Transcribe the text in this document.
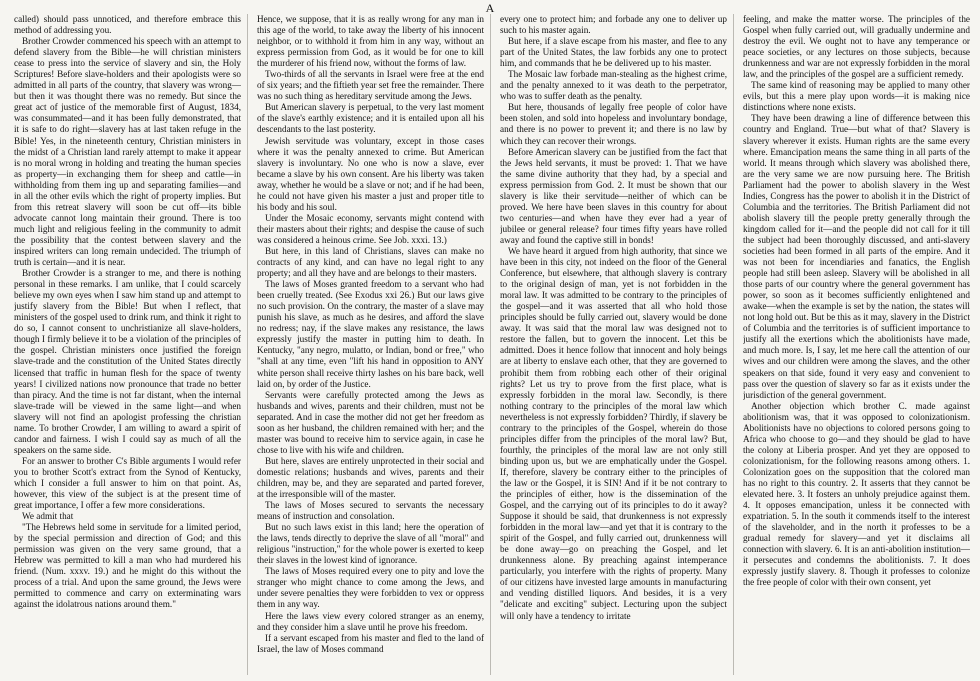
A

called) should pass unnoticed, and therefore embrace this method of addressing you.

Brother Crowder commenced his speech with an attempt to defend slavery from the Bible—he will christian ministers cease to press into the service of slavery and sin, the Holy Scriptures! Before slave-holders and their apologists were so admitted in all parts of the country, that slavery was wrong—but then it was thought there was no remedy. But since the great act of justice of the memorable first of August, 1834, was consummated—and it has been fully demonstrated, that it is safe to do right—slavery has at last taken refuge in the Bible! Yes, in the nineteenth century, Christian ministers in the midst of a Christian land rarely attempt to make it appear is no moral wrong in holding and treating the human species as property—in exchanging them for sheep and cattle—in withholding from them ing up and separating families—and in all the other evils which the right of property implies. But from this retreat slavery will soon be cut off—its bible advocate cannot long maintain their ground. There is too much light and religious feeling in the community to admit the possibility that the contest between slavery and the inspired writers can long remain undecided. The triumph of truth is certain—and it is near.

Brother Crowder is a stranger to me, and there is nothing personal in these remarks. I am unlike, that I could scarcely believe my own eyes when I saw him stand up and attempt to justify slavery from the Bible! But when I reflect, that ministers of the gospel used to drink rum, and think it right to do so, I cannot consent to unchristianize all slave-holders, though I firmly believe it to be a violation of the principles of the gospel. Christian ministers once justified the foreign slave-trade and the constitution of the United States directly licensed that traffic in human flesh for the space of twenty years! I civilized nations now pronounce that trade no better than piracy. And the time is not far distant, when the internal slave-trade will be viewed in the same light—and when slavery will not find an apologist professing the christian name. To brother Crowder, I am willing to award a spirit of candor and fairness. I wish I could say as much of all the speakers on the same side.

For an answer to brother C's Bible arguments I would refer you to brother Scott's extract from the Synod of Kentucky, which I consider a full answer to him on that point. As, however, this view of the subject is at the present time of great importance, I offer a few more considerations.

We admit that

"The Hebrews held some in servitude for a limited period, by the special permission and direction of God; and this permission was given on the very same ground, that a Hebrew was permitted to kill a man who had murdered his friend. (Num. xxxv. 19.) and he might do this without the process of a trial. And upon the same ground, the Jews were permitted to commence and carry on exterminating wars against the idolatrous nations around them."

Hence, we suppose, that it is as really wrong for any man in this age of the world, to take away the liberty of his innocent neighbor, or to withhold it from him in any way, without an express permission from God, as it would be for one to kill the murderer of his friend now, without the forms of law.

Two-thirds of all the servants in Israel were free at the end of six years; and the fiftieth year set free the remainder. There was no such thing as hereditary servitude among the Jews.

But American slavery is perpetual, to the very last moment of the slave's earthly existence; and it is entailed upon all his descendants to the last posterity.

Jewish servitude was voluntary, except in those cases where it was the penalty annexed to crime. But American slavery is involuntary. No one who is now a slave, ever became a slave by his own consent. Are his liberty was taken away, whether he would be a slave or not; and if he had been, he could not have given his master a just and proper title to his body and his soul.

Under the Mosaic economy, servants might contend with their masters about their rights; and despise the cause of such was considered a heinous crime. See Job. xxxi. 13.)

But here, in this land of Christians, slaves can make no contracts of any kind, and can have no legal right to any property; and all they have and are belongs to their masters.

The laws of Moses granted freedom to a servant who had been cruelly treated. (See Exodus xxi 26.) But our laws give no such provision. On the contrary, the master of a slave may punish his slave, as much as he desires, and afford the slave no redress; nay, if the slave makes any resistance, the laws expressly justify the master in putting him to death. In Kentucky, "any negro, mulatto, or Indian, bond or free," who "shall at any time, even "lift his hand in opposition to ANY white person shall receive thirty lashes on his bare back, well laid on, by order of the Justice.

Servants were carefully protected among the Jews as husbands and wives, parents and their children, must not be separated. And in case the mother did not get her freedom as soon as her husband, the children remained with her; and the master was bound to receive him to service again, in case he chose to live with his wife and children.

But here, slaves are entirely unprotected in their social and domestic relations; husbands and wives, parents and their children, may be, and they are separated and parted forever, at the irresponsible will of the master.

The laws of Moses secured to servants the necessary means of instruction and consolation.

But no such laws exist in this land; here the operation of the laws, tends directly to deprive the slave of all "moral" and religious "instruction," for the whole power is exerted to keep their slaves in the lowest kind of ignorance.

The laws of Moses required every one to pity and love the stranger who might chance to come among the Jews, and under severe penalties they were forbidden to vex or oppress them in any way.

Here the laws view every colored stranger as an enemy, and they consider him a slave until he prove his freedom.

If a servant escaped from his master and fled to the land of Israel, the law of Moses command

every one to protect him; and forbade any one to deliver up such to his master again.

But here, if a slave escape from his master, and flee to any part of the United States, the law forbids any one to protect him, and commands that he be delivered up to his master.

The Mosaic law forbade man-stealing as the highest crime, and the penalty annexed to it was death to the perpetrator, who was to suffer death as the penalty.

But here, thousands of legally free people of color have been stolen, and sold into hopeless and involuntary bondage, and there is no power to prevent it; and there is no law by which they can recover their wrongs.

Before American slavery can be justified from the fact that the Jews held servants, it must be proved: 1. That we have the same divine authority that they had, by a special and express permission from God. 2. It must be shown that our slavery is like their servitude—neither of which can be proved. We here have been slaves in this country for about two centuries—and when have they ever had a year of jubilee or general release? four times fifty years have rolled away and found the captive still in bonds!

We have heard it argued from high authority, that since we have been in this city, not indeed on the floor of the General Conference, but elsewhere, that although slavery is contrary to the original design of man, yet is not forbidden in the moral law. It was admitted to be contrary to the principles of the gospel—and it was asserted that all who hold those principles should be fully carried out, slavery would be done away. It was said that the moral law was designed not to restore the fallen, but to govern the innocent. Let this be admitted. Does it hence follow that innocent and holy beings are at liberty to enslave each other, that they are governed to prohibit them from robbing each other of their original rights? Let us try to prove from the first place, what is expressly forbidden in the moral law. Secondly, is there nothing contrary to the principles of the moral law which nevertheless is not expressly forbidden? Thirdly, if slavery be contrary to the principles of the Gospel, wherein do those principles differ from the principles of the moral law? But, fourthly, the principles of the moral law are not only still binding upon us, but we are emphatically under the Gospel. If, therefore, slavery be contrary either to the principles of the law or the Gospel, it is SIN! And if it be not contrary to the principles of either, how is the dissemination of the Gospel, and the carrying out of its principles to do it away? Suppose it should be said, that drunkenness is not expressly forbidden in the moral law—and yet that it is contrary to the spirit of the Gospel, and fully carried out, drunkenness will be done away—go on preaching the Gospel, and let drunkenness alone. By preaching against intemperance particularly, you interfere with the rights of property. Many of our citizens have invested large amounts in manufacturing and vending distilled liquors. And besides, it is a very "delicate and exciting" subject. Lecturing upon the subject will only have a tendency to irritate

feeling, and make the matter worse. The principles of the Gospel when fully carried out, will gradually undermine and destroy the evil. We ought not to have any temperance or peace societies, or any lectures on those subjects, because drunkenness and war are not expressly forbidden in the moral law, and the principles of the gospel are a sufficient remedy.

The same kind of reasoning may be applied to many other evils, but this a mere play upon words—it is making nice distinctions where none exists.

They have been drawing a line of difference between this country and England. True—but what of that? Slavery is slavery wherever it exists. Human rights are the same every where. Emancipation means the same thing in all parts of the world. It means through which slavery was abolished there, are the very same we are now pursuing here. The British Parliament had the power to abolish slavery in the West Indies, Congress has the power to abolish it in the District of Columbia and the territories. The British Parliament did not abolish slavery till the people pretty generally through the kingdom called for it—and the people did not call for it till the subject had been thoroughly discussed, and anti-slavery societies had been formed in all parts of the empire. And it was not been for incendiaries and fanatics, the English people had still been asleep. Slavery will be abolished in all those parts of our country where the general government has power, so soon as it becomes sufficiently enlightened and awake—when the example is set by the nation, the states will not long hold out. But be this as it may, slavery in the District of Columbia and the territories is of sufficient importance to justify all the exertions which the abolitionists have made, and much more. Is, I say, let me here call the attention of our wives and our children were among the slaves, and the other speakers on that side, found it very easy and convenient to pass over the question of slavery so far as it exists under the jurisdiction of the general government.

Another objection which brother C. made against abolitionism was, that it was opposed to colonizationism. Abolitionists have no objections to colored persons going to Africa who choose to go—and they should be glad to have the colony at Liberia prosper. And yet they are opposed to colonizationism, for the following reasons among others. 1. Colonization goes on the supposition that the colored man has no right to this country. 2. It asserts that they cannot be elevated here. 3. It fosters an unholy prejudice against them. 4. It opposes emancipation, unless it be connected with expatriation. 5. In the south it commends itself to the interest of the slaveholder, and in the north it professes to be a gradual remedy for slavery—and yet it disclaims all connection with slavery. 6. It is an anti-abolition institution—it persecutes and condemns the abolitionists. 7. It does expressly justify slavery. 8. Though it professes to colonize the free people of color with their own consent, yet
